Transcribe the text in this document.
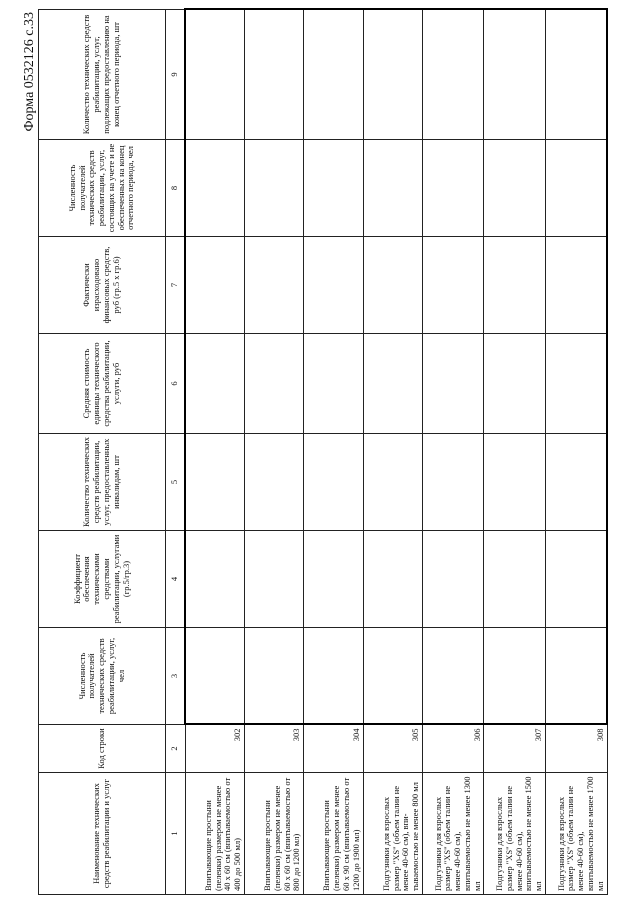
Форма 0532126 с.33
Наименование технических средств реабилитации и услуг	Код строки	Численность получателей технических средств реабилитации, услуг, чел	Коэффициент обеспечения техническими средствами реабилитации, услугами (гр.5/гр.3)	Количество технических средств реабилитации, услуг, предоставленных инвалидам, шт	Средняя стоимость единицы технического средства реабилитации, услуги, руб	Фактически израсходовано финансовых средств, руб (гр.5 х гр.6)	Численность получателей технических средств реабилитации, услуг, состоящих на учете и не обеспеченных на конец отчетного периода, чел	Количество технических средств реабилитации, услуг, подлежащих предоставлению на конец отчетного периода, шт
1	2	3	4	5	6	7	8	9
Впитывающие простыни (пеленки) размером не менее 40 х 60 см (впитываемостью от 400 до 500 мл)	302							
Впитывающие простыни (пеленки) размером не менее 60 х 60 см (впитываемостью от 800 до 1200 мл)	303							
Впитывающие простыни (пеленки) размером не менее 60 х 90 см (впитываемостью от 1200 до 1900 мл)	304							
Подгузники для взрослых размер "XS" (объем талии не менее 40-60 см), впи-тываемостью не менее 800 мл	305							
Подгузники для взрослых размер "XS" (объем талии не менее 40-60 см), впитываемостью не менее 1300 мл	306							
Подгузники для взрослых размер "XS" (объем талии не менее 40-60 см), впитываемостью не менее 1500 мл	307							
Подгузники для взрослых размер "XS" (объем талии не менее 40-60 см), впитываемостью не менее 1700 мл	308							
